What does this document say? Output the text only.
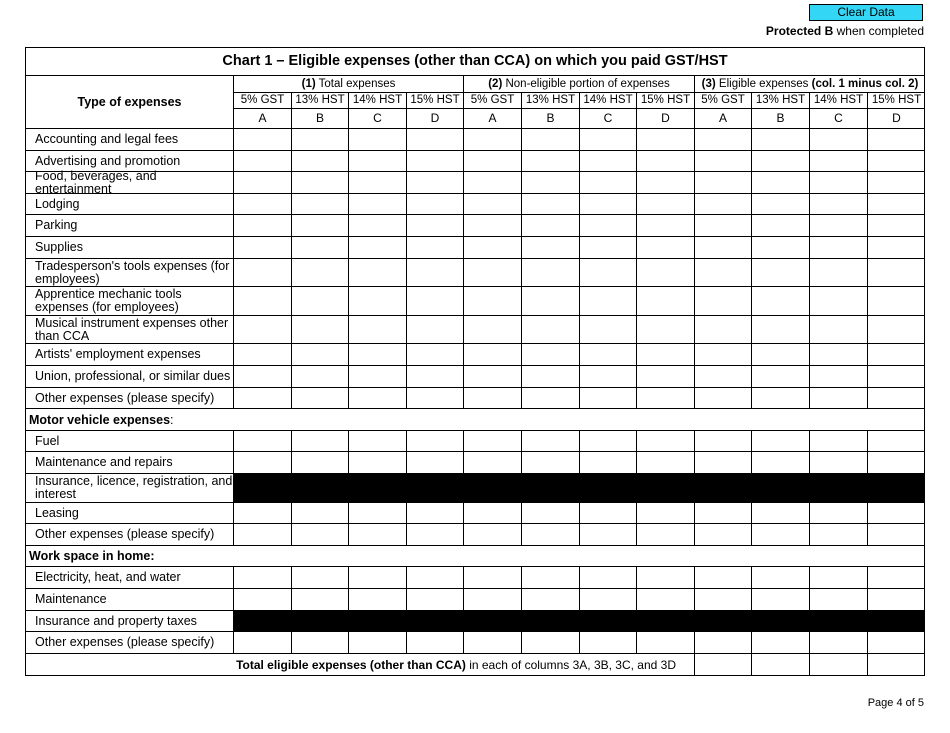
Clear Data
Protected B when completed
Chart 1 – Eligible expenses (other than CCA) on which you paid GST/HST
Type of expenses
(1) Total expenses	(2) Non-eligible portion of expenses	(3) Eligible expenses (col. 1 minus col. 2)
5% GST
A
13% HST
B
14% HST
C
15% HST
D
5% GST
A
13% HST
B
14% HST
C
15% HST
D
5% GST
A
13% HST
B
14% HST
C
15% HST
D
Accounting and legal fees
Advertising and promotion
Food, beverages, and entertainment
Lodging
Parking
Supplies
Tradesperson's tools expenses (for employees)
Apprentice mechanic tools expenses (for employees)
Musical instrument expenses other than CCA
Artists' employment expenses
Union, professional, or similar dues
Other expenses (please specify)
Motor vehicle expenses :
Fuel
Maintenance and repairs
Insurance, licence, registration, and interest
Leasing
Other expenses (please specify)
Work space in home:
Electricity, heat, and water
Maintenance
Insurance and property taxes
Other expenses (please specify)
Total eligible expenses (other than CCA) in each of columns 3A, 3B, 3C, and 3D
Page 4 of 5
